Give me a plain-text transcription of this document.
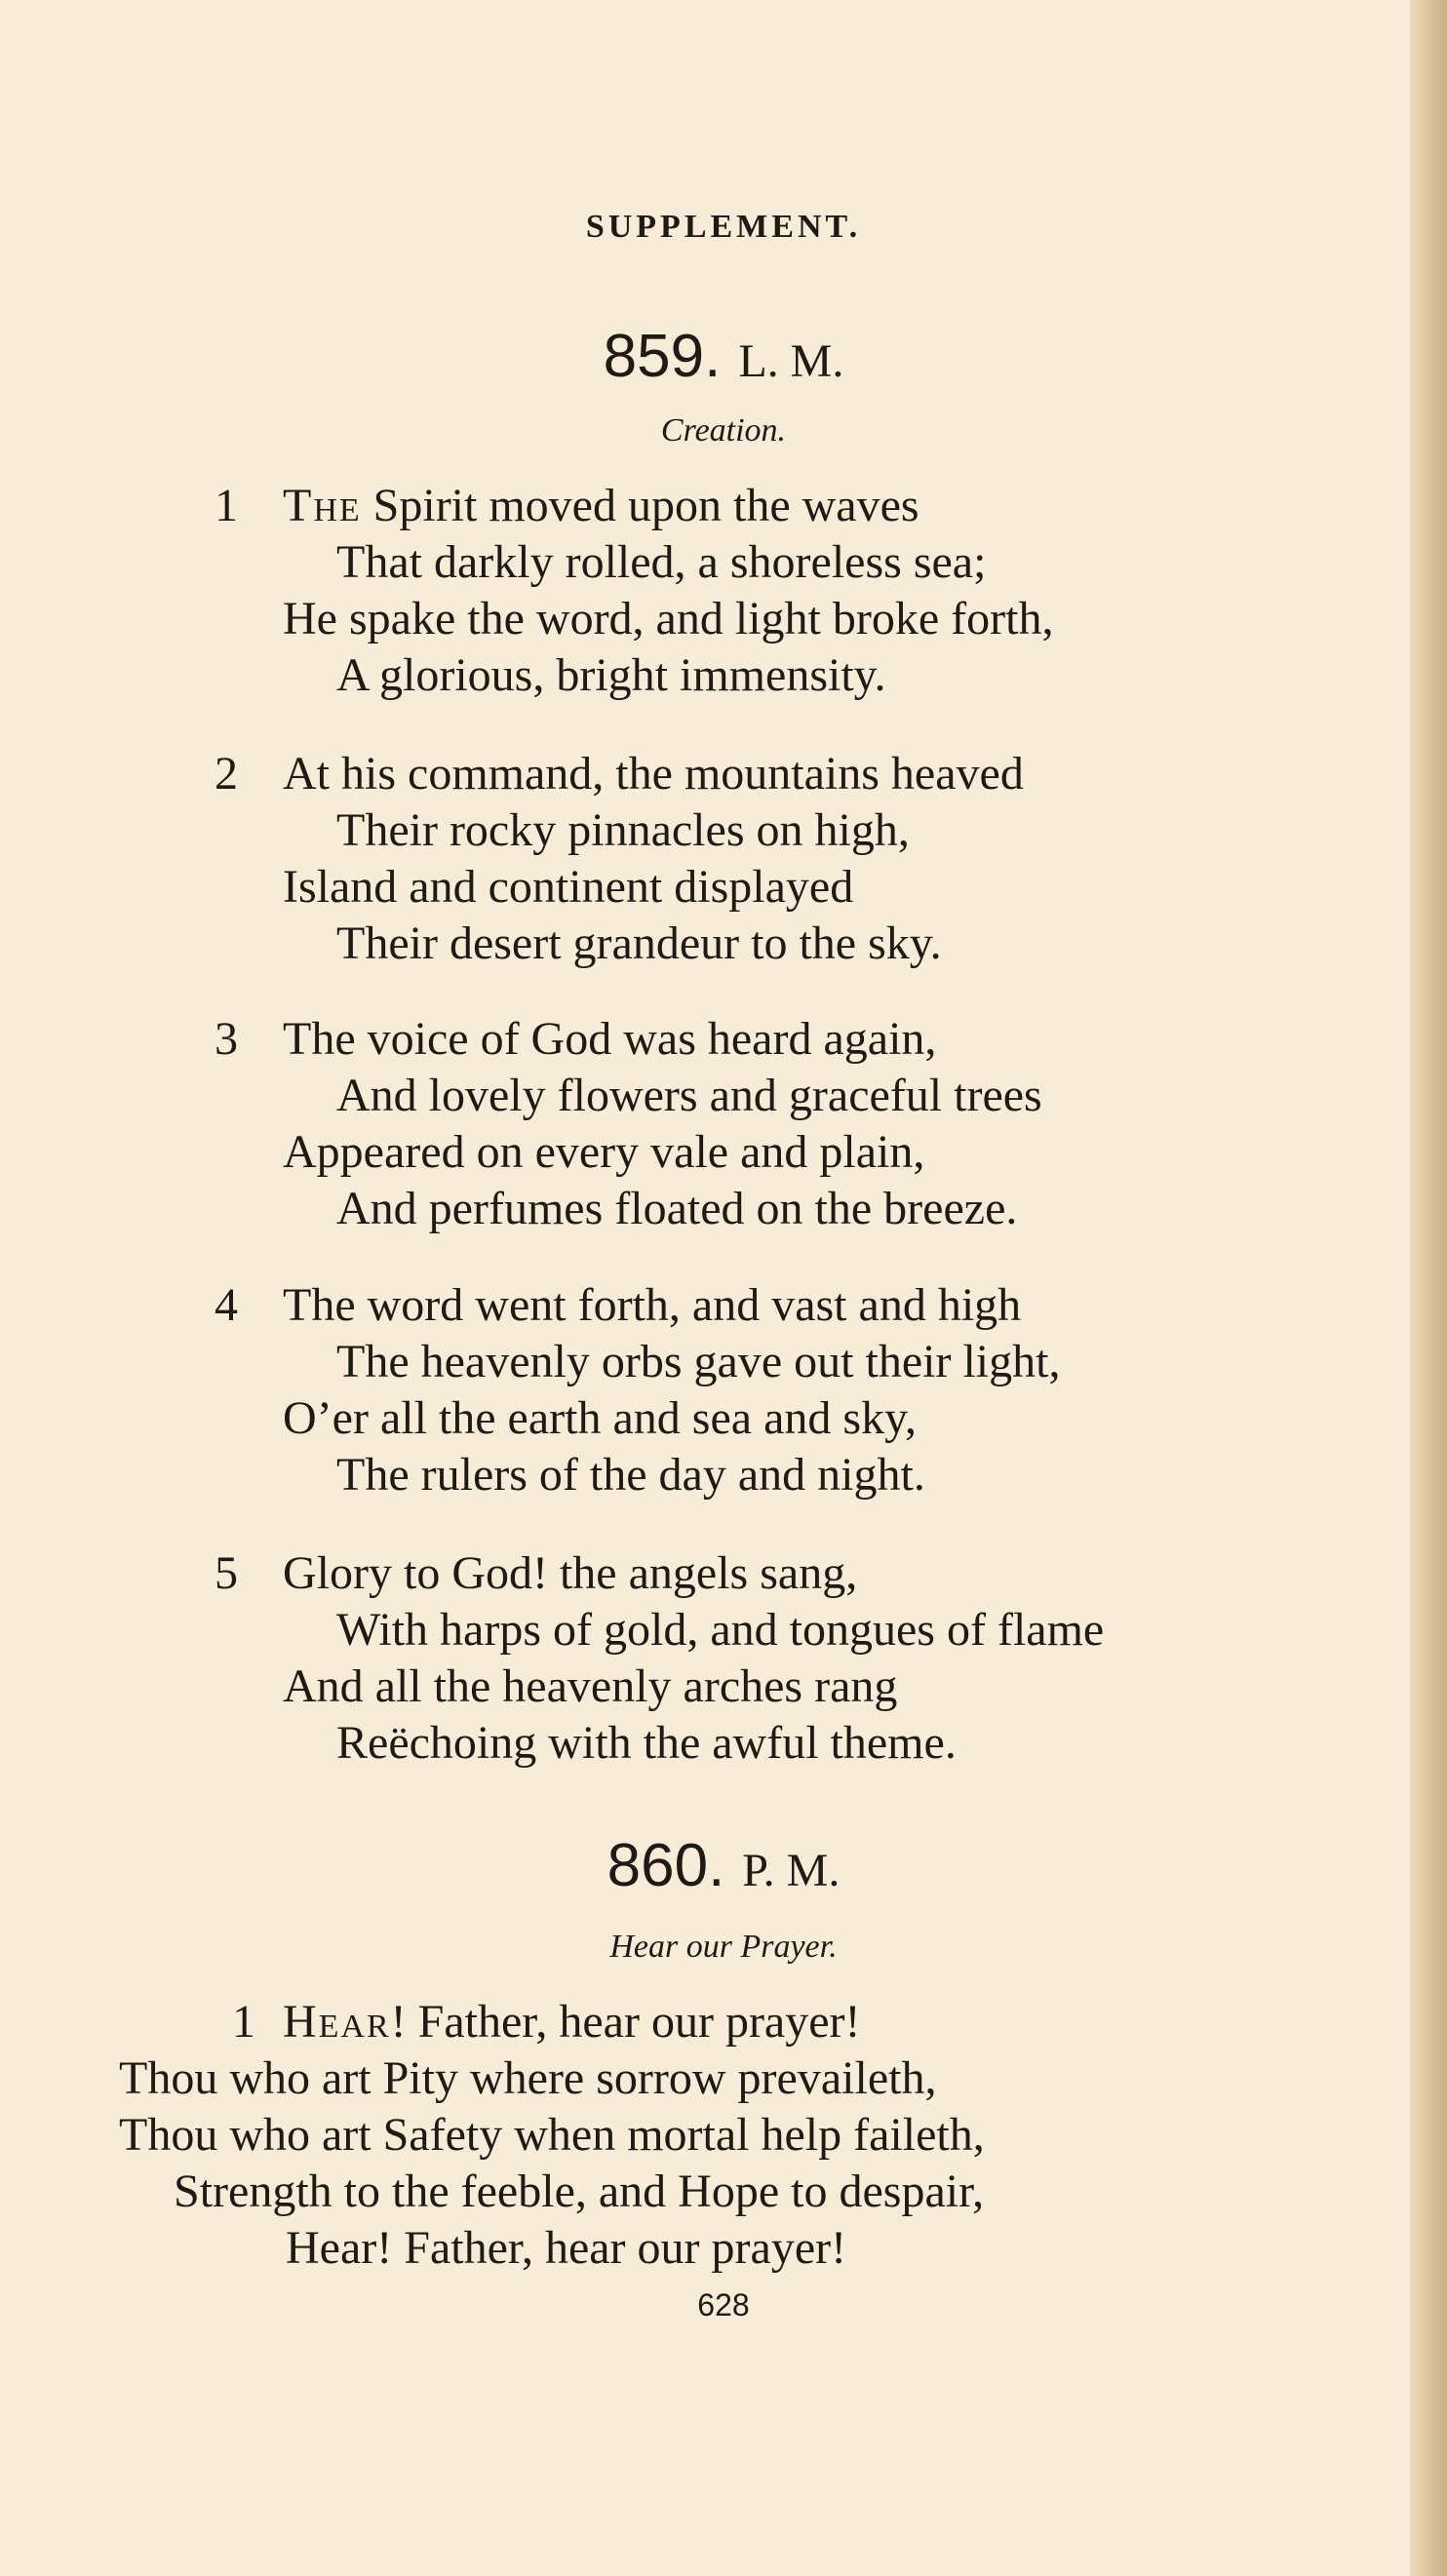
SUPPLEMENT.
859. L. M.
Creation.
1 The Spirit moved upon the waves
That darkly rolled, a shoreless sea;
He spake the word, and light broke forth,
A glorious, bright immensity.
2 At his command, the mountains heaved
Their rocky pinnacles on high,
Island and continent displayed
Their desert grandeur to the sky.
3 The voice of God was heard again,
And lovely flowers and graceful trees
Appeared on every vale and plain,
And perfumes floated on the breeze.
4 The word went forth, and vast and high
The heavenly orbs gave out their light,
O’er all the earth and sea and sky,
The rulers of the day and night.
5 Glory to God! the angels sang,
With harps of gold, and tongues of flame
And all the heavenly arches rang
Reëchoing with the awful theme.
860. P. M.
Hear our Prayer.
1 Hear! Father, hear our prayer!
Thou who art Pity where sorrow prevaileth,
Thou who art Safety when mortal help faileth,
Strength to the feeble, and Hope to despair,
Hear! Father, hear our prayer!
628
